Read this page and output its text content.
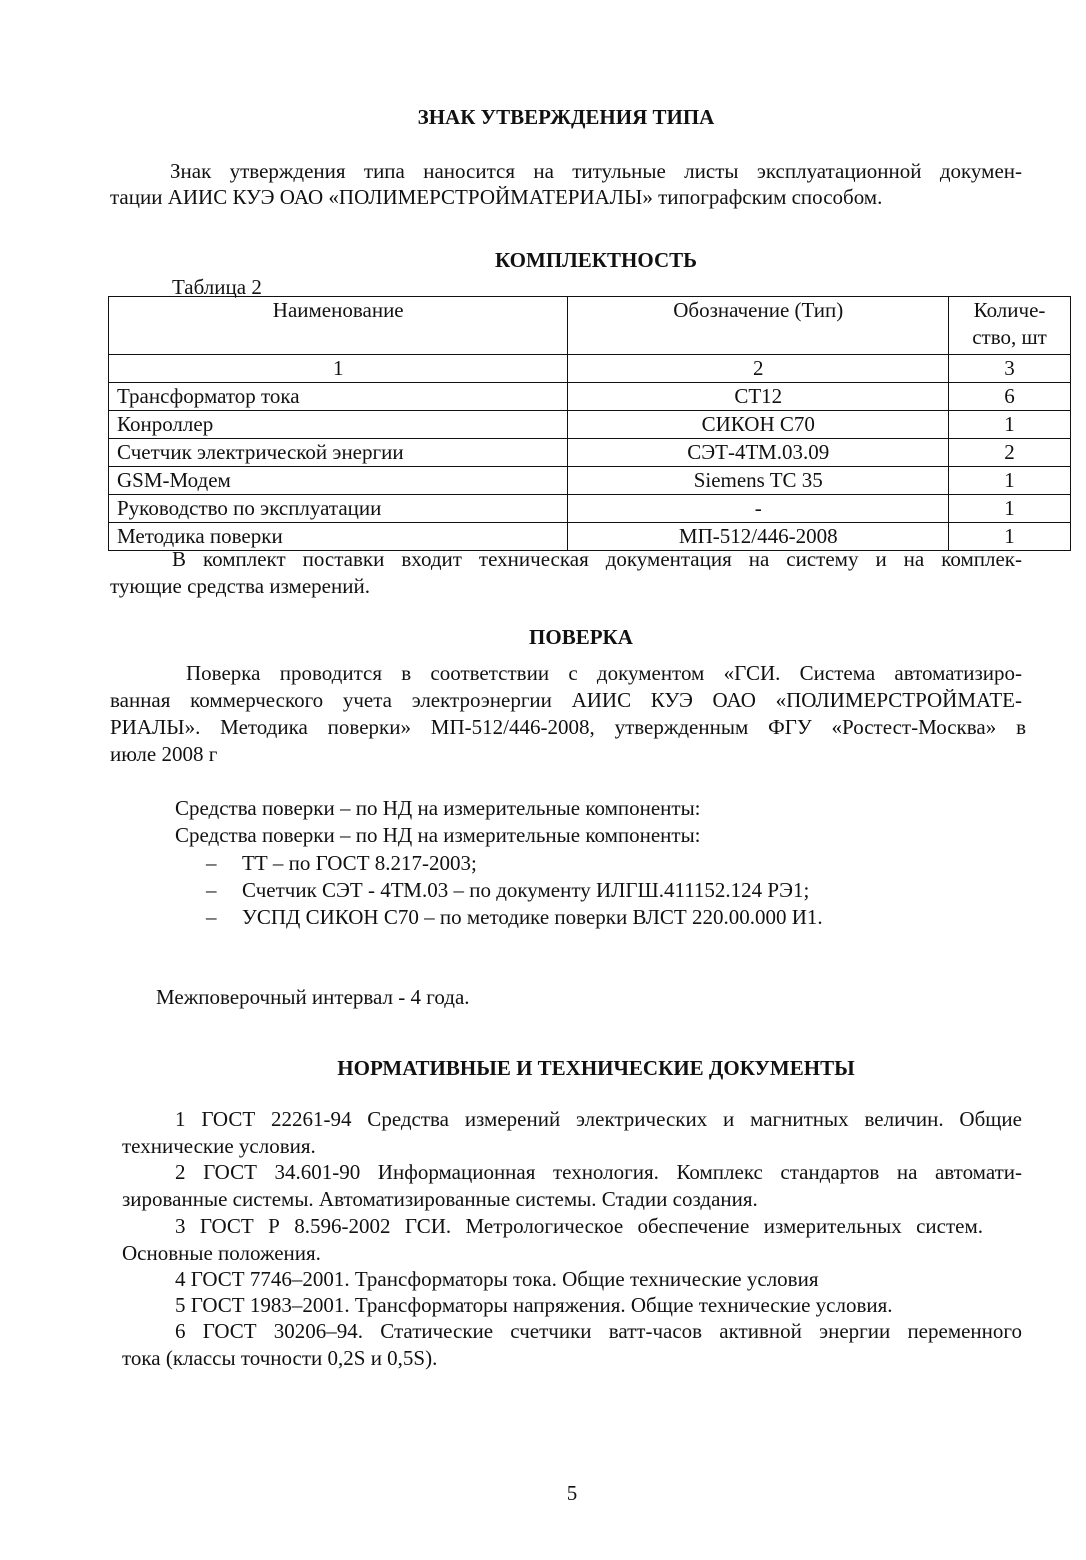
ЗНАК УТВЕРЖДЕНИЯ ТИПА
Знак утверждения типа наносится на титульные листы эксплуатационной докумен-
тации АИИС КУЭ ОАО «ПОЛИМЕРСТРОЙМАТЕРИАЛЫ» типографским способом.
КОМПЛЕКТНОСТЬ
Таблица 2
Наименование	Обозначение (Тип)	Количе-
ство, шт

1	2	3
Трансформатор тока	CT12	6
Конроллер	СИКОН С70	1
Счетчик электрической энергии	СЭТ-4ТМ.03.09	2
GSM-Модем	Siemens TC 35	1
Руководство по эксплуатации	-	1
Методика поверки	МП-512/446-2008	1
В комплект поставки входит техническая документация на систему и на комплек-
тующие средства измерений.
ПОВЕРКА
Поверка проводится в соответствии с документом «ГСИ. Система автоматизиро-
ванная коммерческого учета электроэнергии АИИС КУЭ ОАО «ПОЛИМЕРСТРОЙМАТЕ-
РИАЛЫ». Методика поверки» МП-512/446-2008, утвержденным ФГУ «Ростест-Москва» в
июле 2008 г
Средства поверки – по НД на измерительные компоненты:
Средства поверки – по НД на измерительные компоненты:
– ТТ – по ГОСТ 8.217-2003;
– Счетчик СЭТ - 4ТМ.03 – по документу ИЛГШ.411152.124 РЭ1;
– УСПД СИКОН С70 – по методике поверки ВЛСТ 220.00.000 И1.
Межповерочный интервал - 4 года.
НОРМАТИВНЫЕ И ТЕХНИЧЕСКИЕ ДОКУМЕНТЫ
1 ГОСТ 22261-94 Средства измерений электрических и магнитных величин. Общие
технические условия.
2 ГОСТ 34.601-90 Информационная технология. Комплекс стандартов на автомати-
зированные системы. Автоматизированные системы. Стадии создания.
3 ГОСТ Р 8.596-2002 ГСИ. Метрологическое обеспечение измерительных систем.
Основные положения.
4 ГОСТ 7746–2001. Трансформаторы тока. Общие технические условия
5 ГОСТ 1983–2001. Трансформаторы напряжения. Общие технические условия.
6 ГОСТ 30206–94. Статические счетчики ватт-часов активной энергии переменного
тока (классы точности 0,2S и 0,5S).
5
